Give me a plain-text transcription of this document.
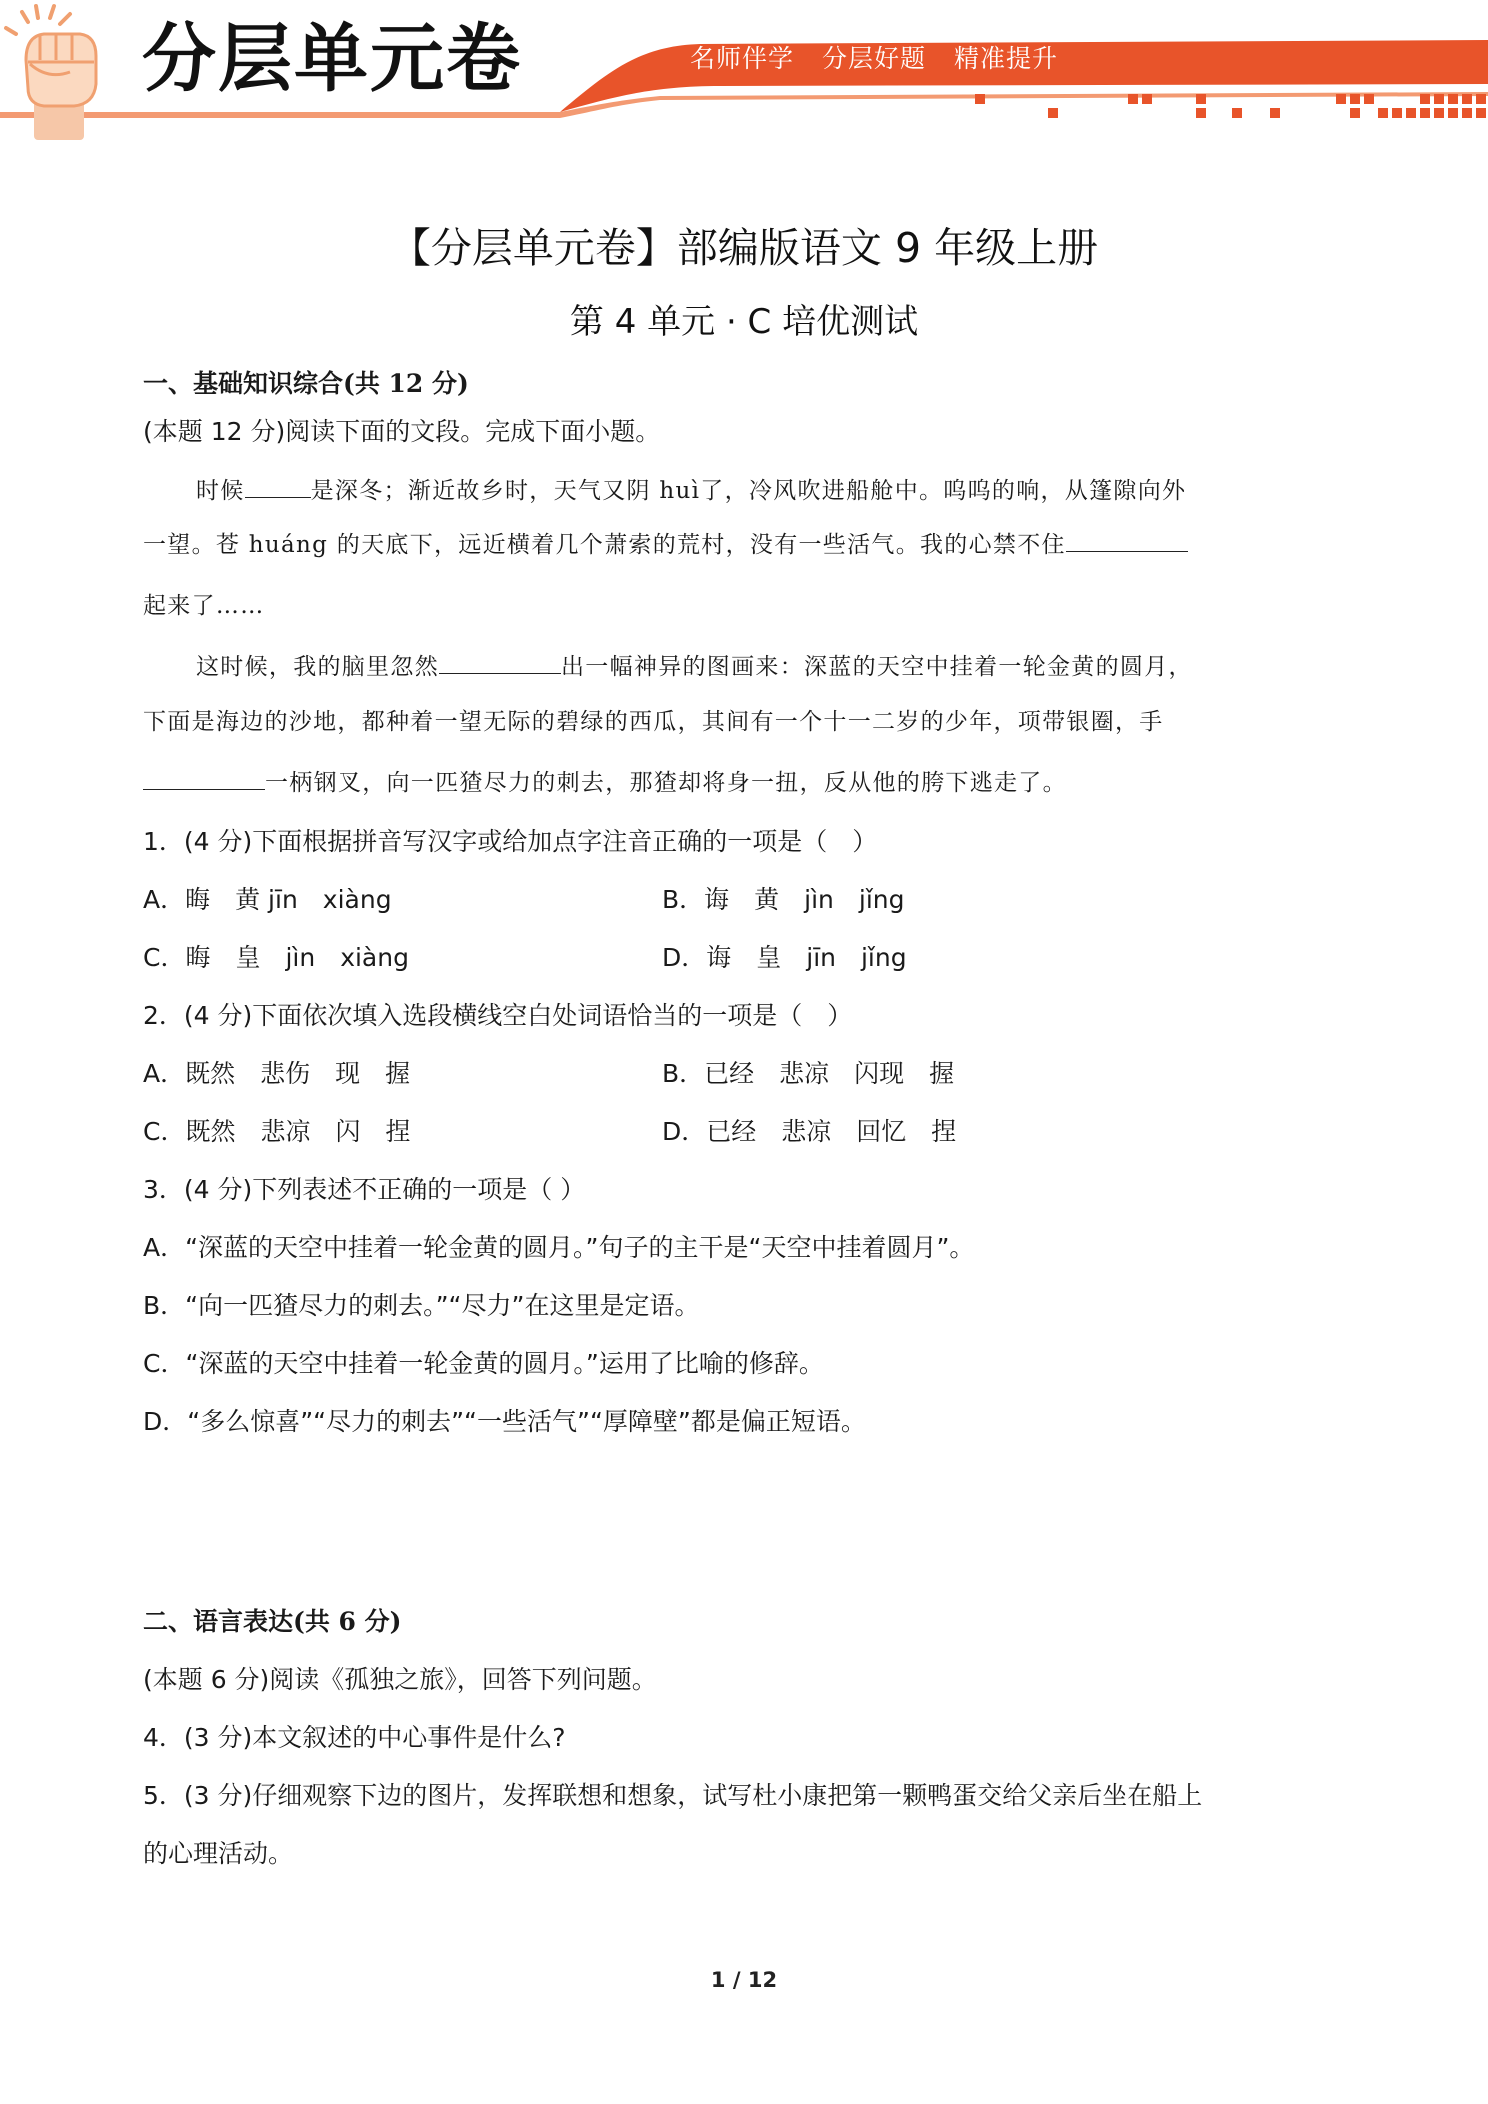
分层单元卷	名师伴学 分层好题 精准提升
【分层单元卷】部编版语文 9 年级上册
第 4 单元 · C 培优测试
一、基础知识综合(共 12 分)
(本题 12 分)阅读下面的文段。完成下面小题。
时候	是深冬；渐近故乡时，天气又阴 huì了，冷风吹进船舱中。呜呜的响，从篷隙向外
一望。苍 huáng 的天底下，远近横着几个萧索的荒村，没有一些活气。我的心禁不住
起来了……
这时候，我的脑里忽然	出一幅神异的图画来：深蓝的天空中挂着一轮金黄的圆月，
下面是海边的沙地，都种着一望无际的碧绿的西瓜，其间有一个十一二岁的少年，项带银圈，手
一柄钢叉，向一匹猹尽力的刺去，那猹却将身一扭，反从他的胯下逃走了。
1．(4 分)下面根据拼音写汉字或给加点字注音正确的一项是（　）
A．晦　黄 jīn　xiàng	B．诲　黄　jìn　jǐng
C．晦　皇　jìn　xiàng	D．诲　皇　jīn　jǐng
2．(4 分)下面依次填入选段横线空白处词语恰当的一项是（　）
A．既然　悲伤　现　握	B．已经　悲凉　闪现　握
C．既然　悲凉　闪　捏	D．已经　悲凉　回忆　捏
3．(4 分)下列表述不正确的一项是（ ）
A．“深蓝的天空中挂着一轮金黄的圆月。”句子的主干是“天空中挂着圆月”。
B．“向一匹猹尽力的刺去。”“尽力”在这里是定语。
C．“深蓝的天空中挂着一轮金黄的圆月。”运用了比喻的修辞。
D．“多么惊喜”“尽力的刺去”“一些活气”“厚障壁”都是偏正短语。
二、语言表达(共 6 分)
(本题 6 分)阅读《孤独之旅》，回答下列问题。
4．(3 分)本文叙述的中心事件是什么?
5．(3 分)仔细观察下边的图片，发挥联想和想象，试写杜小康把第一颗鸭蛋交给父亲后坐在船上
的心理活动。
1 / 12
